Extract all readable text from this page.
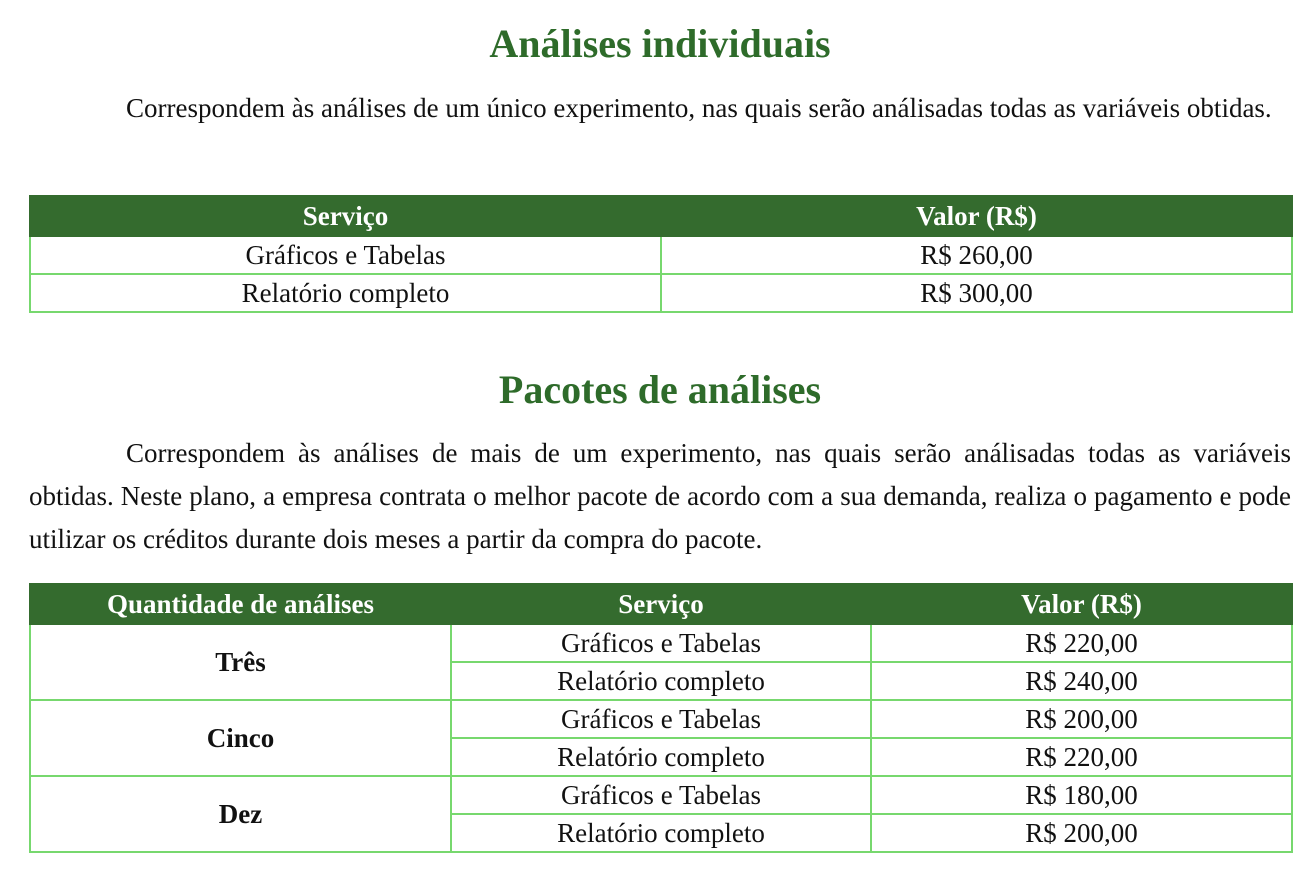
Análises individuais

Correspondem às análises de um único experimento, nas quais serão análisadas todas as variáveis obtidas.

Serviço	Valor (R$)
Gráficos e Tabelas	R$ 260,00
Relatório completo	R$ 300,00
Pacotes de análises

Correspondem às análises de mais de um experimento, nas quais serão análisadas todas as variáveis obtidas. Neste plano, a empresa contrata o melhor pacote de acordo com a sua demanda, realiza o pagamento e pode utilizar os créditos durante dois meses a partir da compra do pacote.

Quantidade de análises	Serviço	Valor (R$)
Três	Gráficos e Tabelas	R$ 220,00
	Relatório completo	R$ 240,00
Cinco	Gráficos e Tabelas	R$ 200,00
	Relatório completo	R$ 220,00
Dez	Gráficos e Tabelas	R$ 180,00
	Relatório completo	R$ 200,00
